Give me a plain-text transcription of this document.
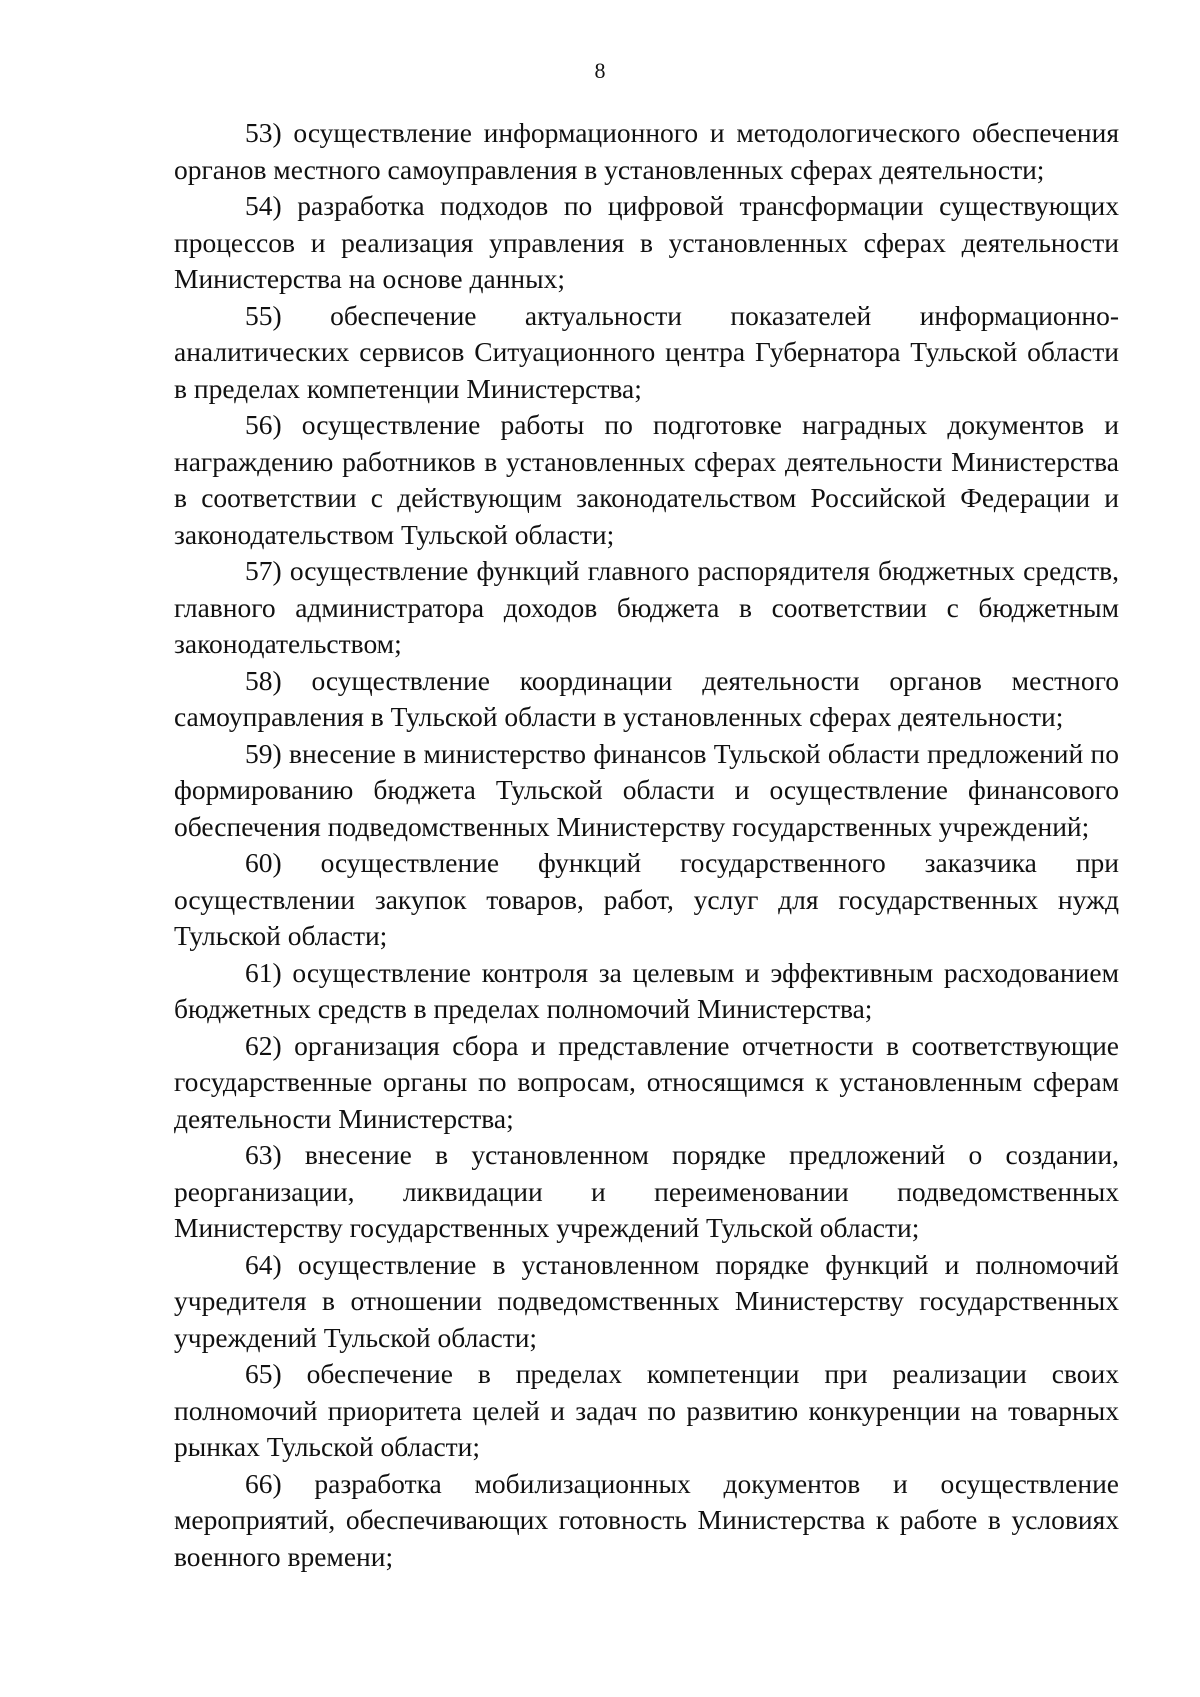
8

53) осуществление информационного и методологического обеспечения органов местного самоуправления в установленных сферах деятельности;

54) разработка подходов по цифровой трансформации существующих процессов и реализация управления в установленных сферах деятельности Министерства на основе данных;

55) обеспечение актуальности показателей информационно-аналитических сервисов Ситуационного центра Губернатора Тульской области в пределах компетенции Министерства;

56) осуществление работы по подготовке наградных документов и награждению работников в установленных сферах деятельности Министерства в соответствии с действующим законодательством Российской Федерации и законодательством Тульской области;

57) осуществление функций главного распорядителя бюджетных средств, главного администратора доходов бюджета в соответствии с бюджетным законодательством;

58) осуществление координации деятельности органов местного самоуправления в Тульской области в установленных сферах деятельности;

59) внесение в министерство финансов Тульской области предложений по формированию бюджета Тульской области и осуществление финансового обеспечения подведомственных Министерству государственных учреждений;

60) осуществление функций государственного заказчика при осуществлении закупок товаров, работ, услуг для государственных нужд Тульской области;

61) осуществление контроля за целевым и эффективным расходованием бюджетных средств в пределах полномочий Министерства;

62) организация сбора и представление отчетности в соответствующие государственные органы по вопросам, относящимся к установленным сферам деятельности Министерства;

63) внесение в установленном порядке предложений о создании, реорганизации, ликвидации и переименовании подведомственных Министерству государственных учреждений Тульской области;

64) осуществление в установленном порядке функций и полномочий учредителя в отношении подведомственных Министерству государственных учреждений Тульской области;

65) обеспечение в пределах компетенции при реализации своих полномочий приоритета целей и задач по развитию конкуренции на товарных рынках Тульской области;

66) разработка мобилизационных документов и осуществление мероприятий, обеспечивающих готовность Министерства к работе в условиях военного времени;
